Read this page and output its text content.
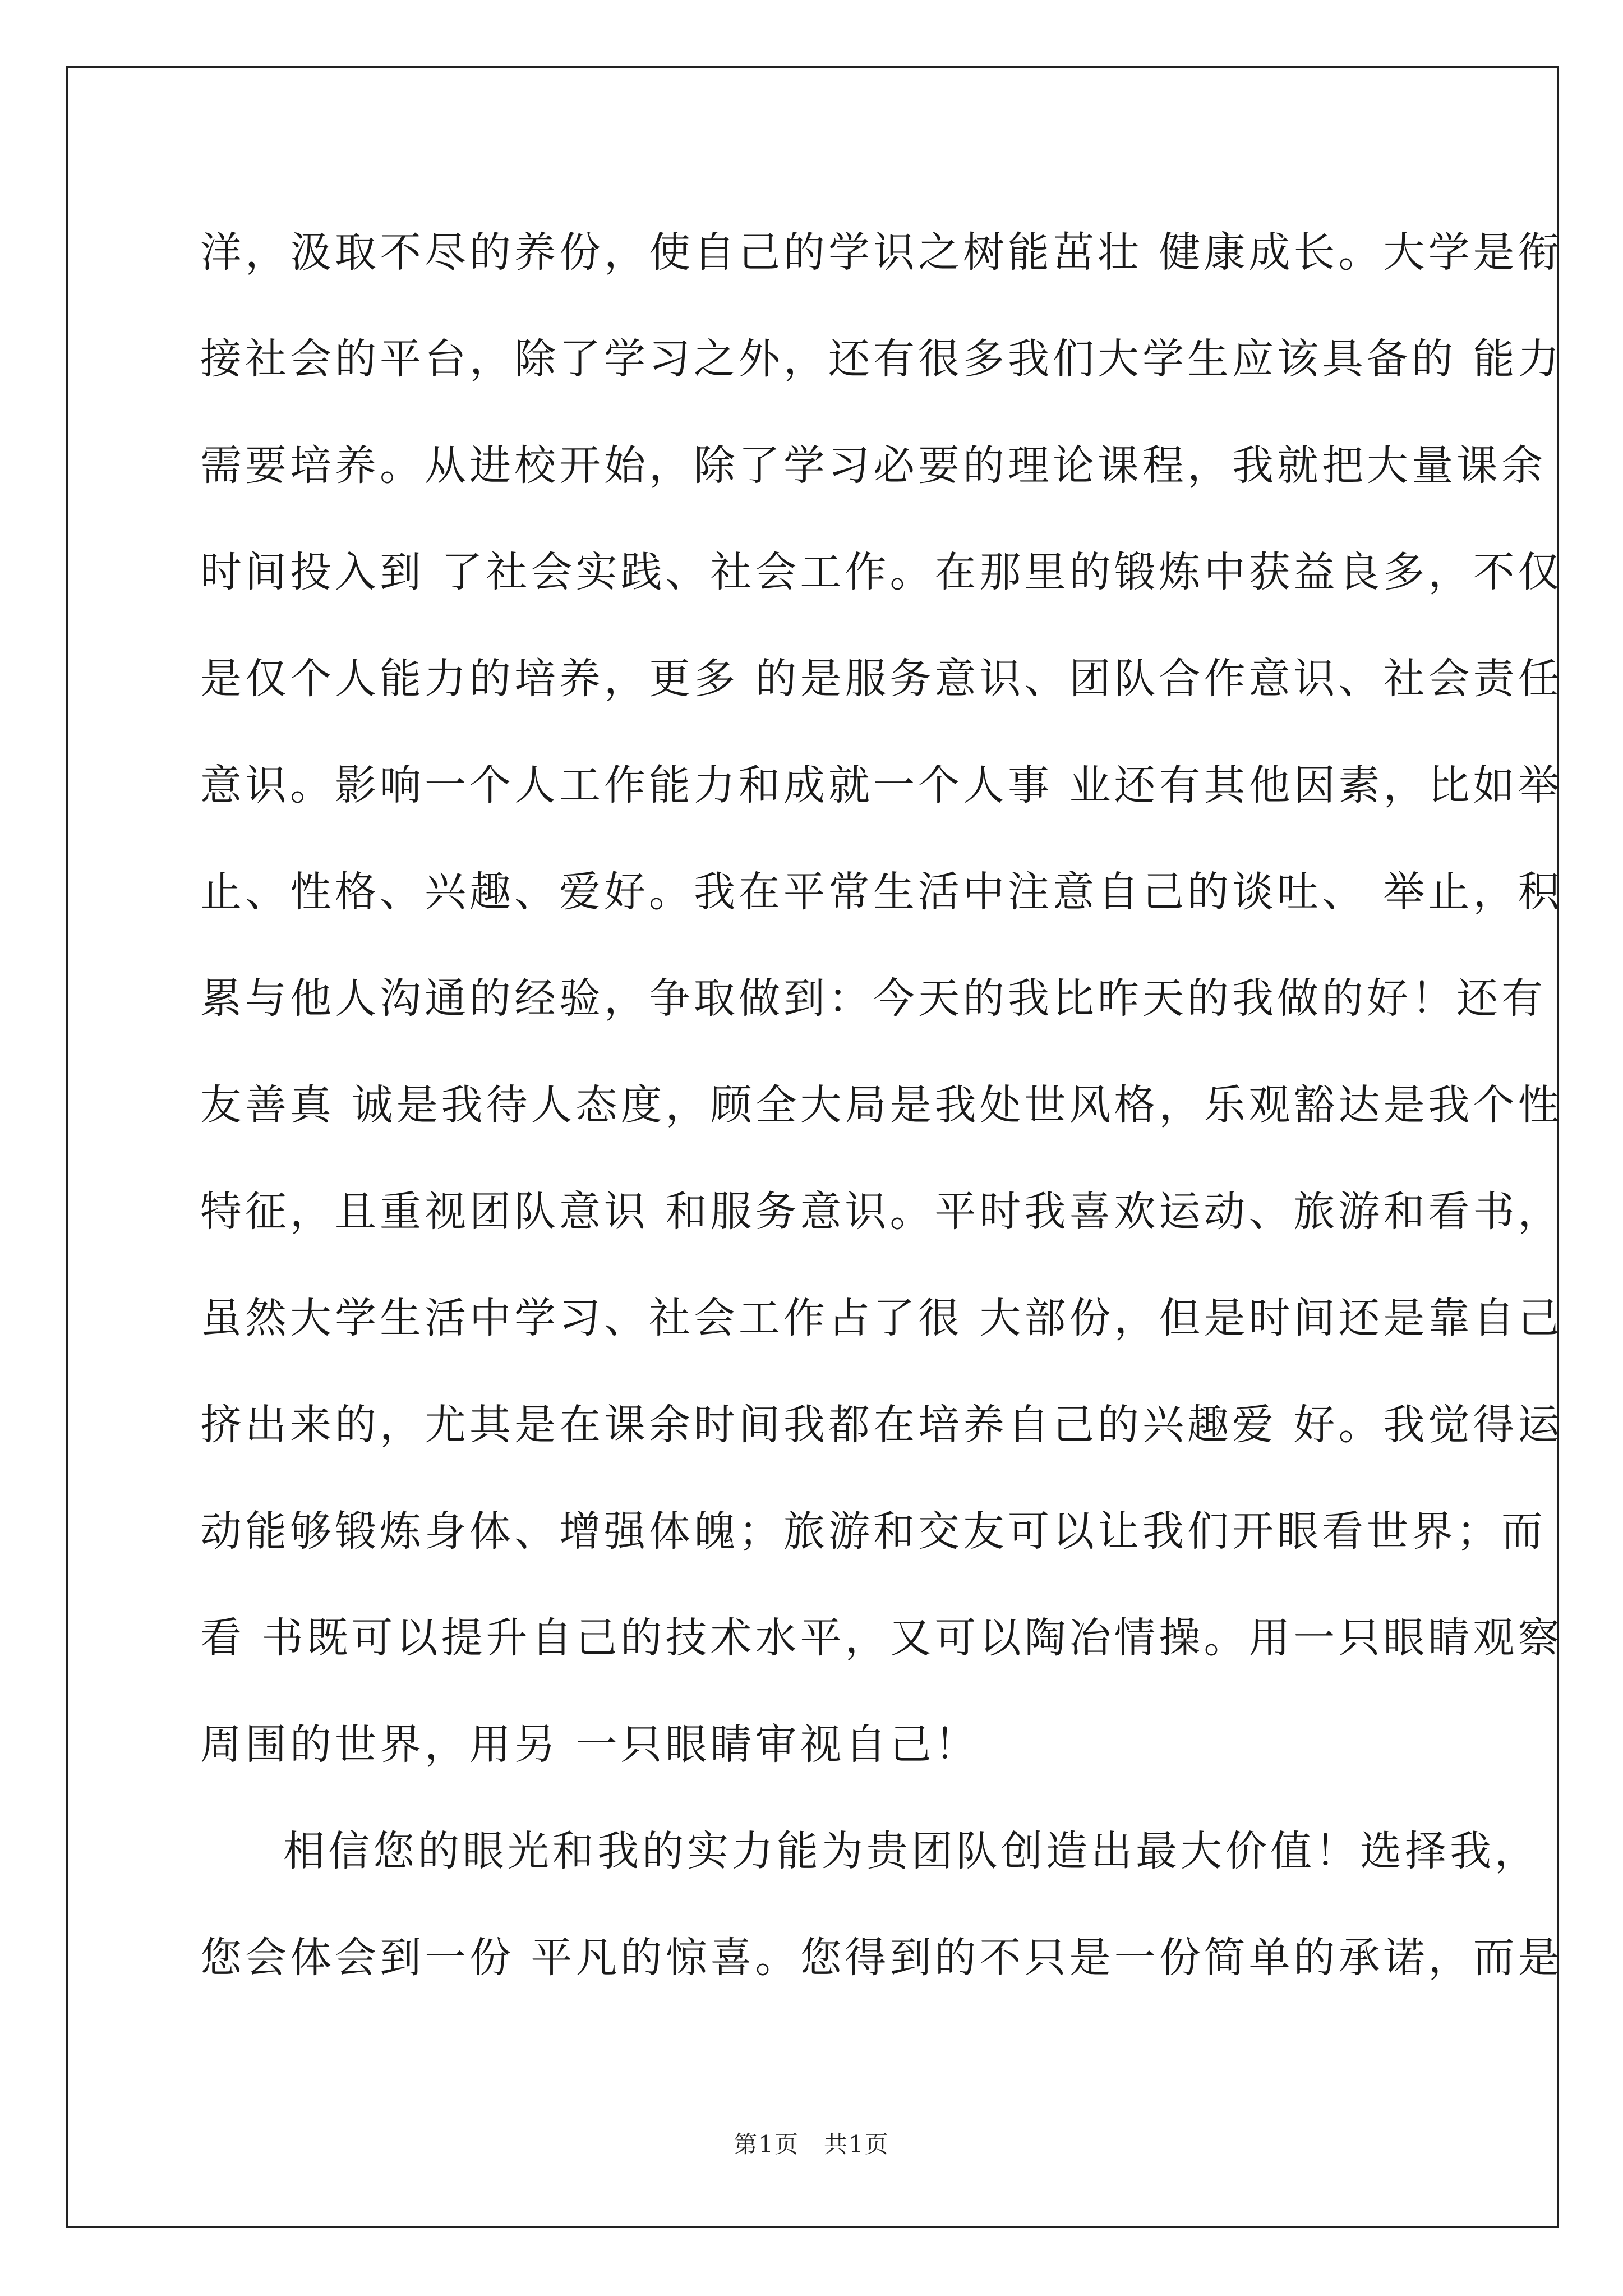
洋，汲取不尽的养份，使自己的学识之树能茁壮 健康成长。大学是衔
接社会的平台，除了学习之外，还有很多我们大学生应该具备的 能力
需要培养。从进校开始，除了学习必要的理论课程，我就把大量课余
时间投入到 了社会实践、社会工作。在那里的锻炼中获益良多，不仅
是仅个人能力的培养，更多 的是服务意识、团队合作意识、社会责任
意识。影响一个人工作能力和成就一个人事 业还有其他因素，比如举
止、性格、兴趣、爱好。我在平常生活中注意自己的谈吐、 举止，积
累与他人沟通的经验，争取做到：今天的我比昨天的我做的好！还有
友善真 诚是我待人态度，顾全大局是我处世风格，乐观豁达是我个性
特征，且重视团队意识 和服务意识。平时我喜欢运动、旅游和看书，
虽然大学生活中学习、社会工作占了很 大部份，但是时间还是靠自己
挤出来的，尤其是在课余时间我都在培养自己的兴趣爱 好。我觉得运
动能够锻炼身体、增强体魄；旅游和交友可以让我们开眼看世界；而
看 书既可以提升自己的技术水平，又可以陶冶情操。用一只眼睛观察
周围的世界，用另 一只眼睛审视自己！
相信您的眼光和我的实力能为贵团队创造出最大价值！选择我，
您会体会到一份 平凡的惊喜。您得到的不只是一份简单的承诺，而是
第1页　共1页
